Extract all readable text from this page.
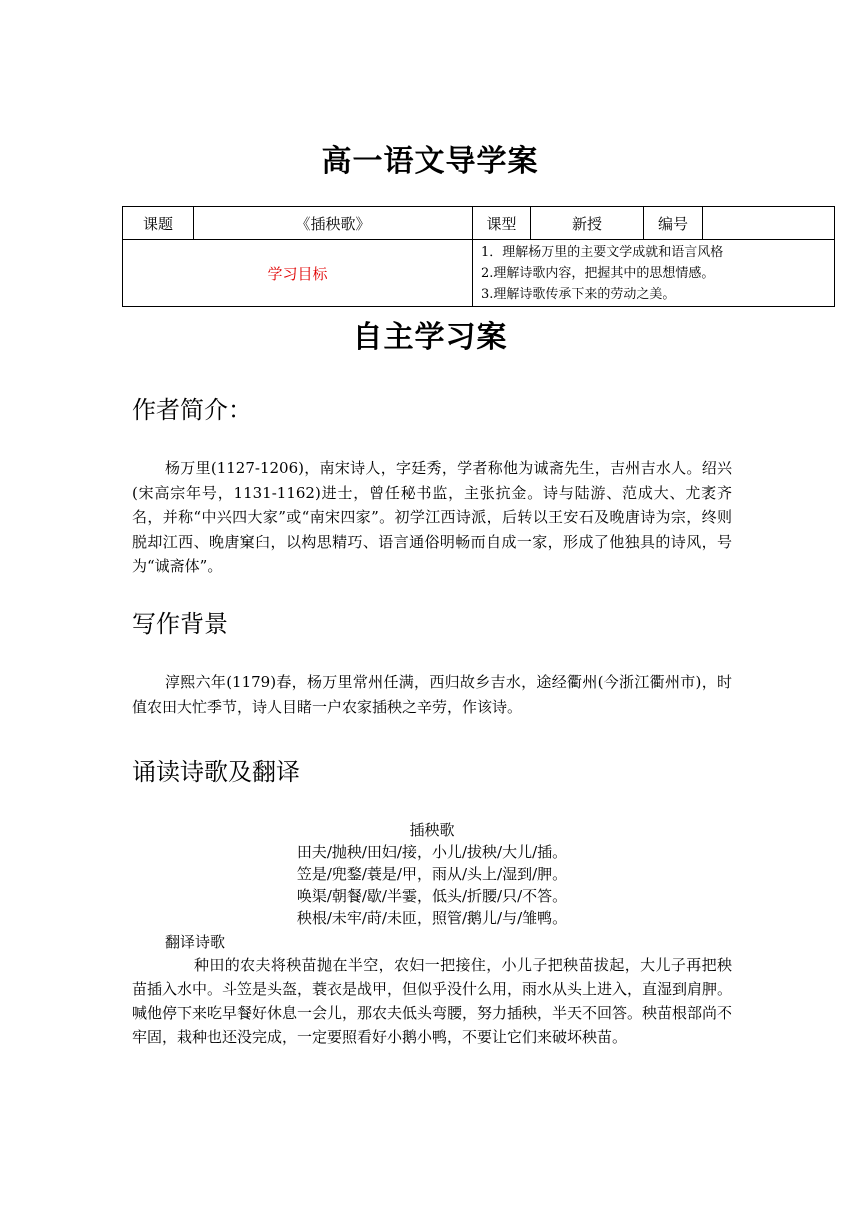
高一语文导学案
课题	《插秧歌》	课型	新授	编号	
学习目标		1．理解杨万里的主要文学成就和语言风格
2.理解诗歌内容，把握其中的思想情感。
3.理解诗歌传承下来的劳动之美。			
自主学习案
作者简介：
杨万里(1127-1206)，南宋诗人，字廷秀，学者称他为诚斋先生，吉州吉水人。绍兴(宋高宗年号，1131-1162)进士，曾任秘书监，主张抗金。诗与陆游、范成大、尤袤齐名，并称“中兴四大家”或“南宋四家”。初学江西诗派，后转以王安石及晚唐诗为宗，终则脱却江西、晚唐窠臼，以构思精巧、语言通俗明畅而自成一家，形成了他独具的诗风，号为“诚斋体”。
写作背景
淳熙六年(1179)春，杨万里常州任满，西归故乡吉水，途经衢州(今浙江衢州市)，时值农田大忙季节，诗人目睹一户农家插秧之辛劳，作该诗。
诵读诗歌及翻译
插秧歌
田夫/抛秧/田妇/接，小儿/拔秧/大儿/插。
笠是/兜鍪/蓑是/甲，雨从/头上/湿到/胛。
唤渠/朝餐/歇/半霎，低头/折腰/只/不答。
秧根/未牢/莳/未匝，照管/鹅儿/与/雏鸭。
翻译诗歌
种田的农夫将秧苗抛在半空，农妇一把接住，小儿子把秧苗拔起，大儿子再把秧苗插入水中。斗笠是头盔，蓑衣是战甲，但似乎没什么用，雨水从头上进入，直湿到肩胛。喊他停下来吃早餐好休息一会儿，那农夫低头弯腰，努力插秧，半天不回答。秧苗根部尚不牢固，栽种也还没完成，一定要照看好小鹅小鸭，不要让它们来破坏秧苗。
